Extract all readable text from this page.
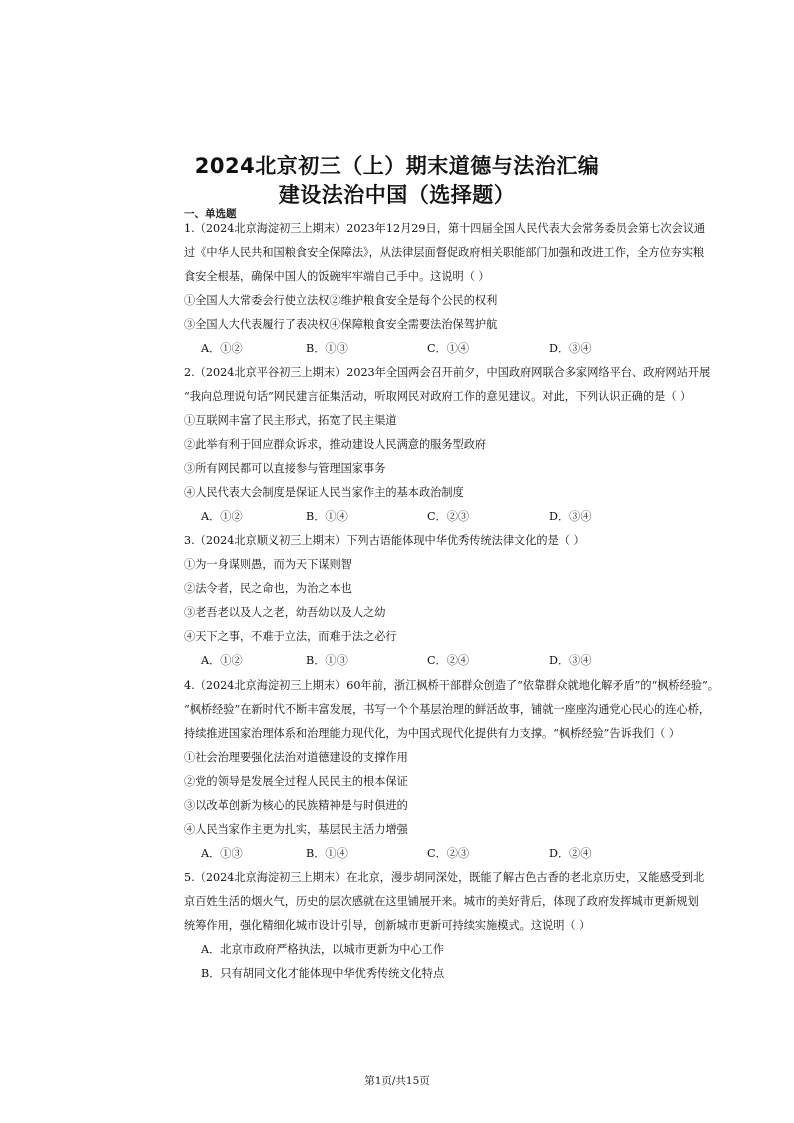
2024北京初三（上）期末道德与法治汇编
建设法治中国（选择题）
一、单选题
1.（2024北京海淀初三上期末）2023年12月29日，第十四届全国人民代表大会常务委员会第七次会议通
过《中华人民共和国粮食安全保障法》，从法律层面督促政府相关职能部门加强和改进工作，全方位夯实粮
食安全根基，确保中国人的饭碗牢牢端自己手中。这说明（ ）
①全国人大常委会行使立法权②维护粮食安全是每个公民的权利
③全国人大代表履行了表决权④保障粮食安全需要法治保驾护航
A．①②	B．①③	C．①④	D．③④
2.（2024北京平谷初三上期末）2023年全国两会召开前夕，中国政府网联合多家网络平台、政府网站开展
“我向总理说句话”网民建言征集活动，听取网民对政府工作的意见建议。对此，下列认识正确的是（ ）
①互联网丰富了民主形式，拓宽了民主渠道
②此举有利于回应群众诉求，推动建设人民满意的服务型政府
③所有网民都可以直接参与管理国家事务
④人民代表大会制度是保证人民当家作主的基本政治制度
A．①②	B．①④	C．②③	D．③④
3.（2024北京顺义初三上期末）下列古语能体现中华优秀传统法律文化的是（ ）
①为一身谋则愚，而为天下谋则智
②法令者，民之命也，为治之本也
③老吾老以及人之老，幼吾幼以及人之幼
④天下之事，不难于立法，而难于法之必行
A．①②	B．①③	C．②④	D．③④
4.（2024北京海淀初三上期末）60年前，浙江枫桥干部群众创造了“依靠群众就地化解矛盾”的“枫桥经验”。
“枫桥经验”在新时代不断丰富发展，书写一个个基层治理的鲜活故事，铺就一座座沟通党心民心的连心桥，
持续推进国家治理体系和治理能力现代化，为中国式现代化提供有力支撑。“枫桥经验”告诉我们（ ）
①社会治理要强化法治对道德建设的支撑作用
②党的领导是发展全过程人民民主的根本保证
③以改革创新为核心的民族精神是与时俱进的
④人民当家作主更为扎实，基层民主活力增强
A．①③	B．①④	C．②③	D．②④
5.（2024北京海淀初三上期末）在北京，漫步胡同深处，既能了解古色古香的老北京历史，又能感受到北
京百姓生活的烟火气，历史的层次感就在这里铺展开来。城市的美好背后，体现了政府发挥城市更新规划
统筹作用，强化精细化城市设计引导，创新城市更新可持续实施模式。这说明（ ）
A．北京市政府严格执法，以城市更新为中心工作
B．只有胡同文化才能体现中华优秀传统文化特点
第1页/共15页
